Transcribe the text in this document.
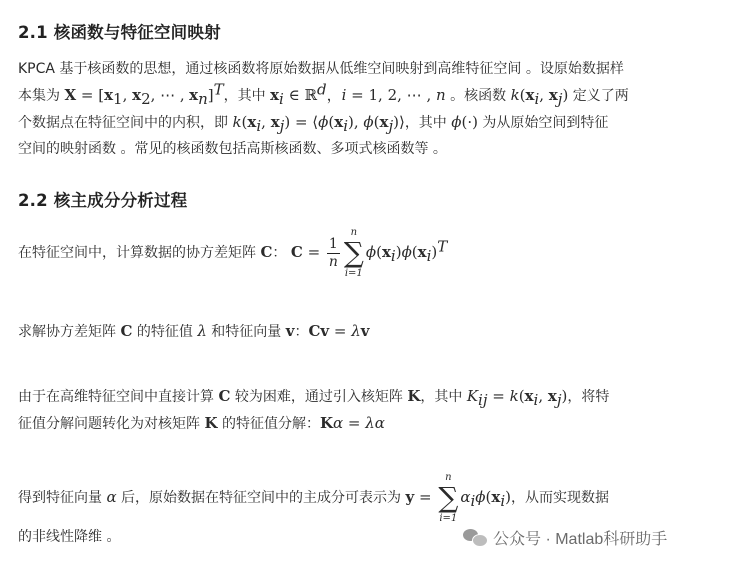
2.1 核函数与特征空间映射
KPCA 基于核函数的思想，通过核函数将原始数据从低维空间映射到高维特征空间 。设原始数据样
本集为 $X = [x_1$, $x_2$, ⋯ , $x_n]^T$，其中 $x_i$ ∈ ℝ$^d$，i = 1, 2, ⋯ , n 。核函数 $k(x_i$, $x_j$) 定义了两
个数据点在特征空间中的内积，即 $k(x_i$, $x_j$) = $⟨\phi(x_i)$, $\phi(x_j)⟩$，其中 ϕ(·) 为从原始空间到特征
空间的映射函数 。常见的核函数包括高斯核函数、多项式核函数等 。
2.2 核主成分分析过程
在特征空间中，计算数据的协方差矩阵 C： $C = \frac{1}{n}$
n
∑
i=1
$\phi(x_i)\phi(x_i)^T$
求解协方差矩阵 C 的特征值 λ 和特征向量 v：Cv = λv
由于在高维特征空间中直接计算 C 较为困难，通过引入核矩阵 K，其中 $K_{ij} = k(x_i$, $x_j$)，将特
征值分解问题转化为对核矩阵 K 的特征值分解：Kα = λα
得到特征向量 α 后，原始数据在特征空间中的主成分可表示为 y =
n
∑
i=1
$\alpha_i\phi(x_i)$，从而实现数据
的非线性降维 。	公众号 · Matlab科研助手
